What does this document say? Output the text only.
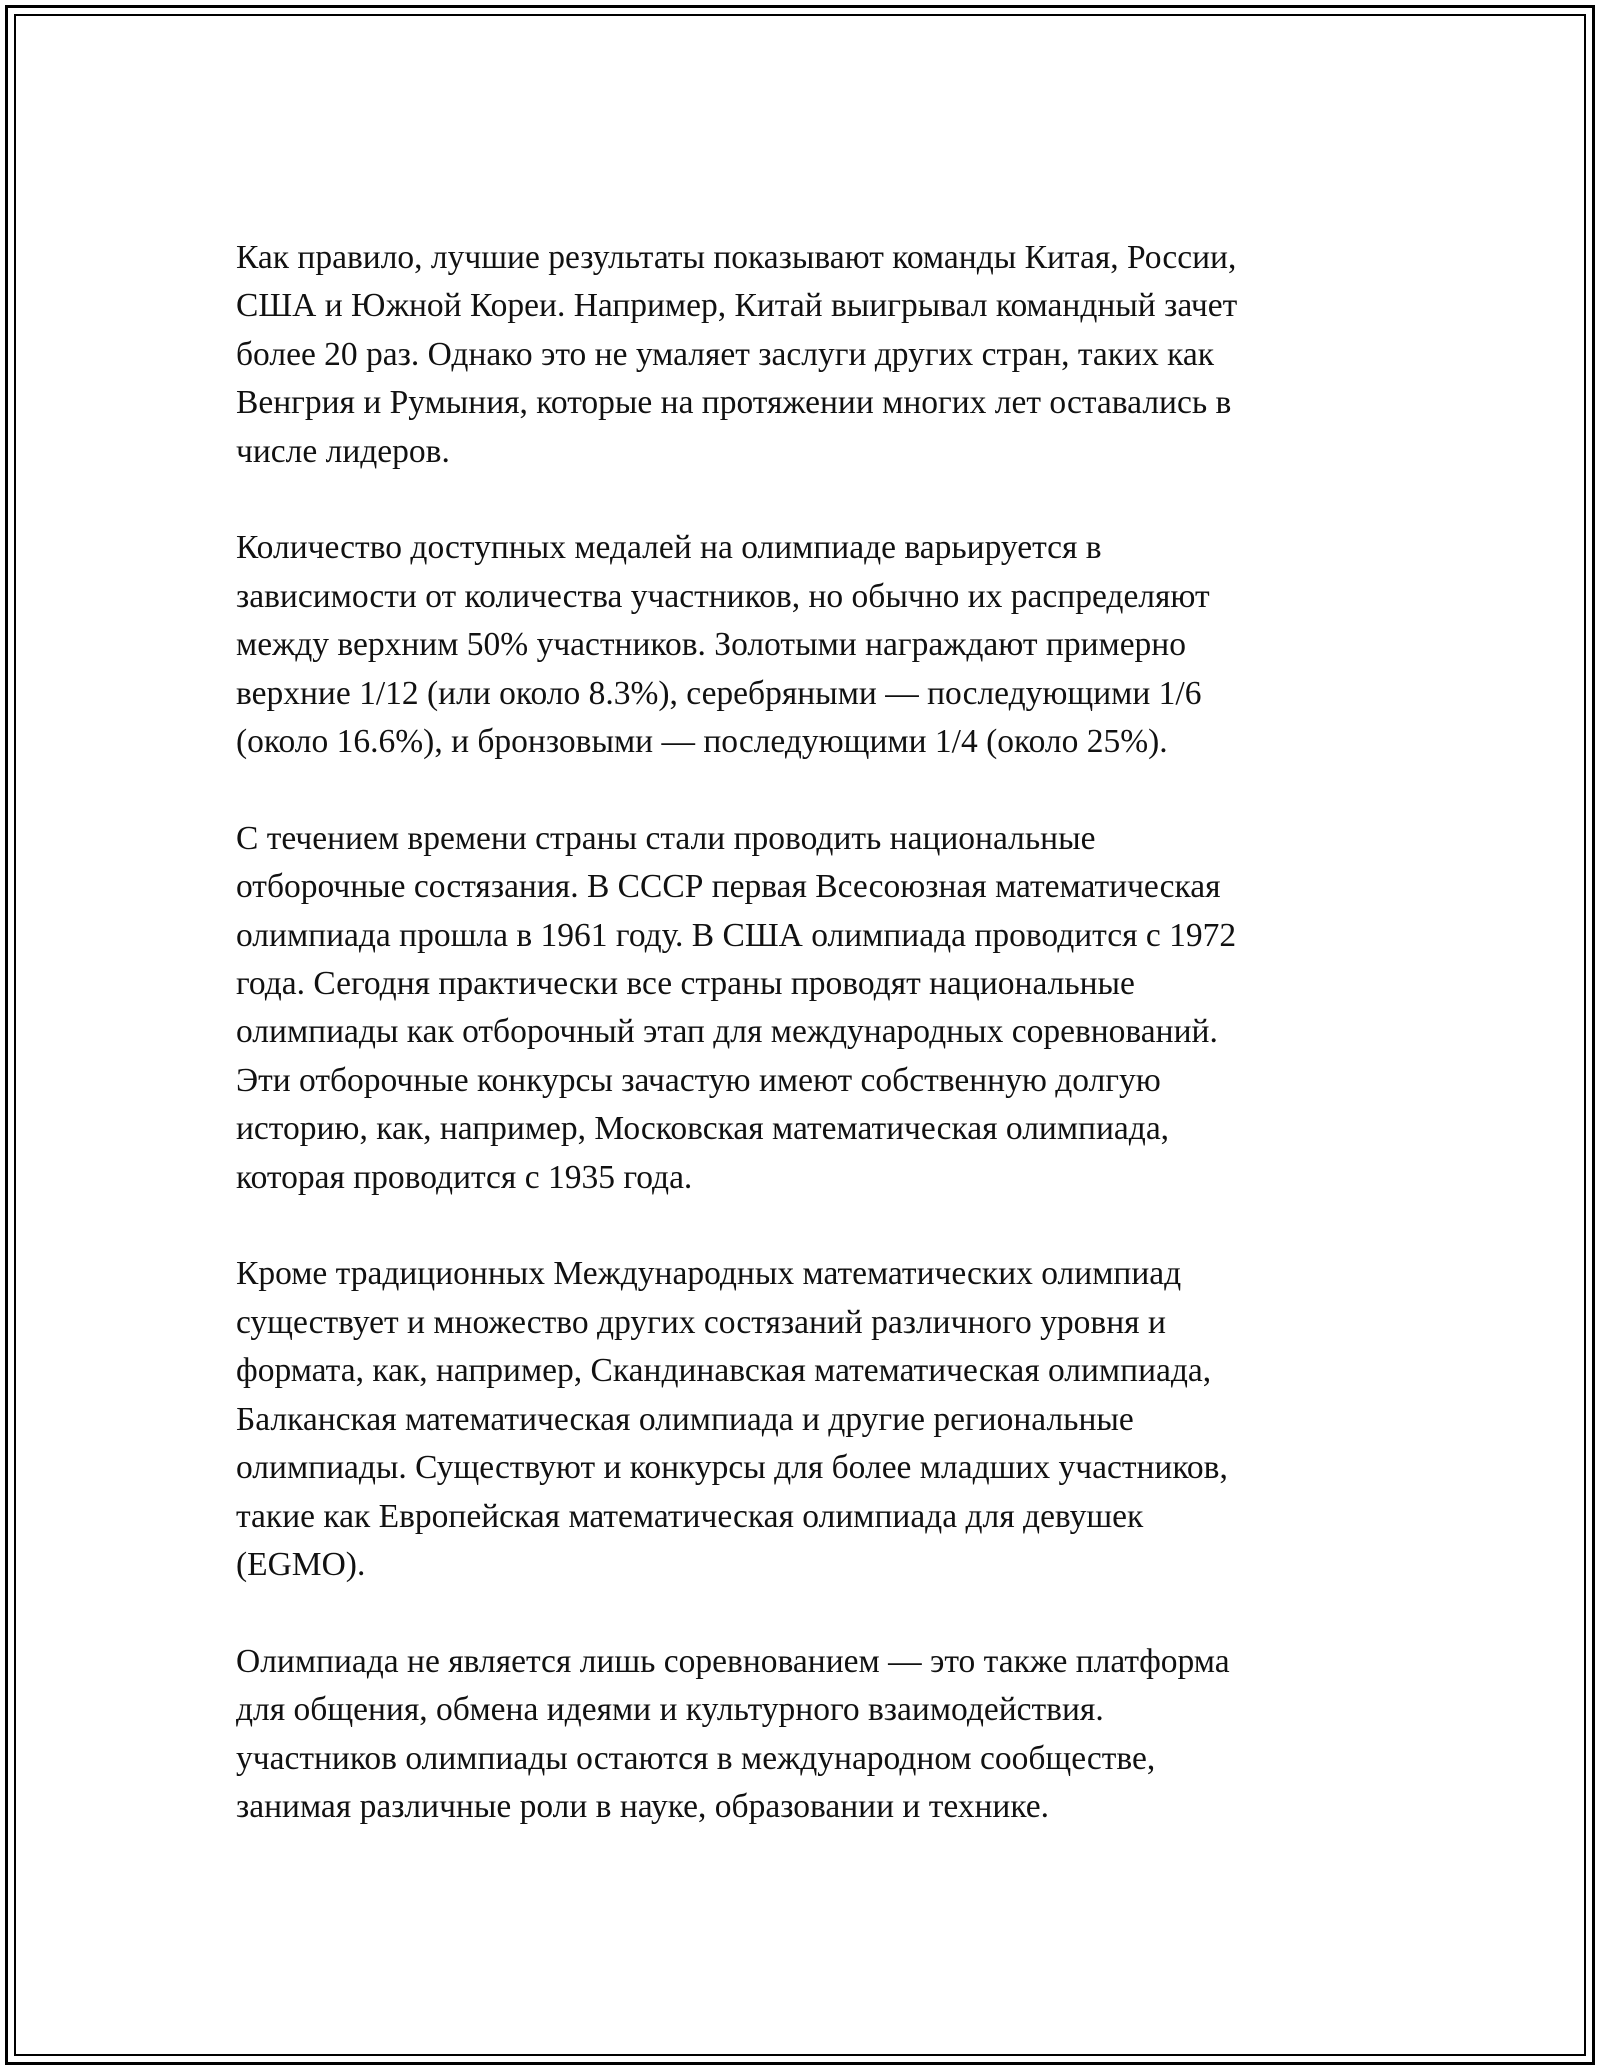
Как правило, лучшие результаты показывают команды Китая, России,
США и Южной Кореи. Например, Китай выигрывал командный зачет
более 20 раз. Однако это не умаляет заслуги других стран, таких как
Венгрия и Румыния, которые на протяжении многих лет оставались в
числе лидеров.

Количество доступных медалей на олимпиаде варьируется в
зависимости от количества участников, но обычно их распределяют
между верхним 50% участников. Золотыми награждают примерно
верхние 1/12 (или около 8.3%), серебряными — последующими 1/6
(около 16.6%), и бронзовыми — последующими 1/4 (около 25%).

С течением времени страны стали проводить национальные
отборочные состязания. В СССР первая Всесоюзная математическая
олимпиада прошла в 1961 году. В США олимпиада проводится с 1972
года. Сегодня практически все страны проводят национальные
олимпиады как отборочный этап для международных соревнований.
Эти отборочные конкурсы зачастую имеют собственную долгую
историю, как, например, Московская математическая олимпиада,
которая проводится с 1935 года.

Кроме традиционных Международных математических олимпиад
существует и множество других состязаний различного уровня и
формата, как, например, Скандинавская математическая олимпиада,
Балканская математическая олимпиада и другие региональные
олимпиады. Существуют и конкурсы для более младших участников,
такие как Европейская математическая олимпиада для девушек
(EGMO).

Олимпиада не является лишь соревнованием — это также платформа
для общения, обмена идеями и культурного взаимодействия.
участников олимпиады остаются в международном сообществе,
занимая различные роли в науке, образовании и технике.
